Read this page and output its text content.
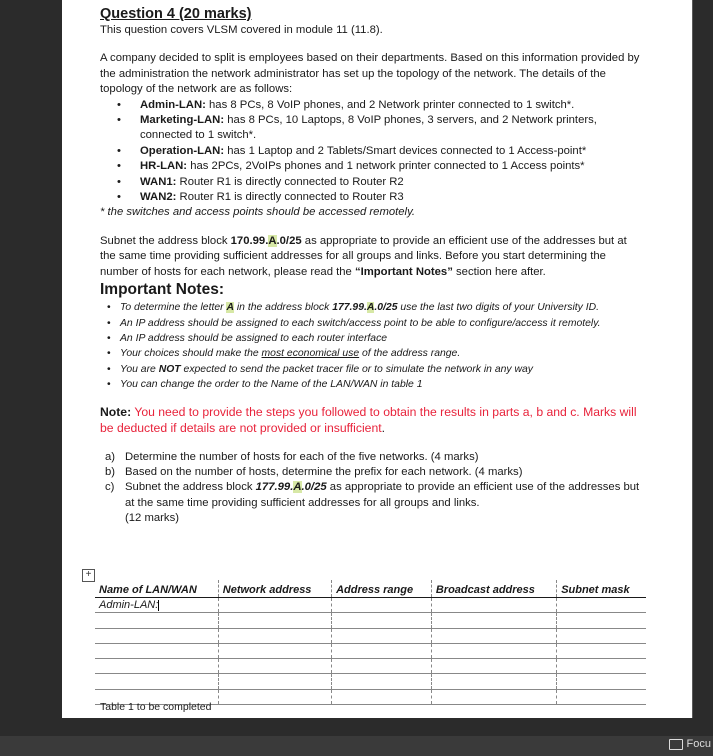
Question 4 (20 marks)

This question covers VLSM covered in module 11 (11.8).

A company decided to split is employees based on their departments. Based on this information provided by the administration the network administrator has set up the topology of the network. The details of the topology of the network are as follows:

• Admin-LAN: has 8 PCs, 8 VoIP phones, and 2 Network printer connected to 1 switch*.
• Marketing-LAN: has 8 PCs, 10 Laptops, 8 VoIP phones, 3 servers, and 2 Network printers, connected to 1 switch*.
• Operation-LAN: has 1 Laptop and 2 Tablets/Smart devices connected to 1 Access-point*
• HR-LAN: has 2PCs, 2VoIPs phones and 1 network printer connected to 1 Access points*
• WAN1: Router R1 is directly connected to Router R2
• WAN2: Router R1 is directly connected to Router R3

* the switches and access points should be accessed remotely.

Subnet the address block 170.99.A.0/25 as appropriate to provide an efficient use of the addresses but at the same time providing sufficient addresses for all groups and links. Before you start determining the number of hosts for each network, please read the “Important Notes” section here after.

Important Notes:

• To determine the letter A in the address block 177.99.A.0/25 use the last two digits of your University ID.
• An IP address should be assigned to each switch/access point to be able to configure/access it remotely.
• An IP address should be assigned to each router interface
• Your choices should make the most economical use of the address range.
• You are NOT expected to send the packet tracer file or to simulate the network in any way
• You can change the order to the Name of the LAN/WAN in table 1

Note: You need to provide the steps you followed to obtain the results in parts a, b and c. Marks will be deducted if details are not provided or insufficient.

a) Determine the number of hosts for each of the five networks. (4 marks)
b) Based on the number of hosts, determine the prefix for each network. (4 marks)
c) Subnet the address block 177.99.A.0/25 as appropriate to provide an efficient use of the addresses but at the same time providing sufficient addresses for all groups and links.
(12 marks)
+
Name of LAN/WAN	Network address	Address range	Broadcast address	Subnet mask
Admin-LAN:				

Table 1 to be completed
Focu
